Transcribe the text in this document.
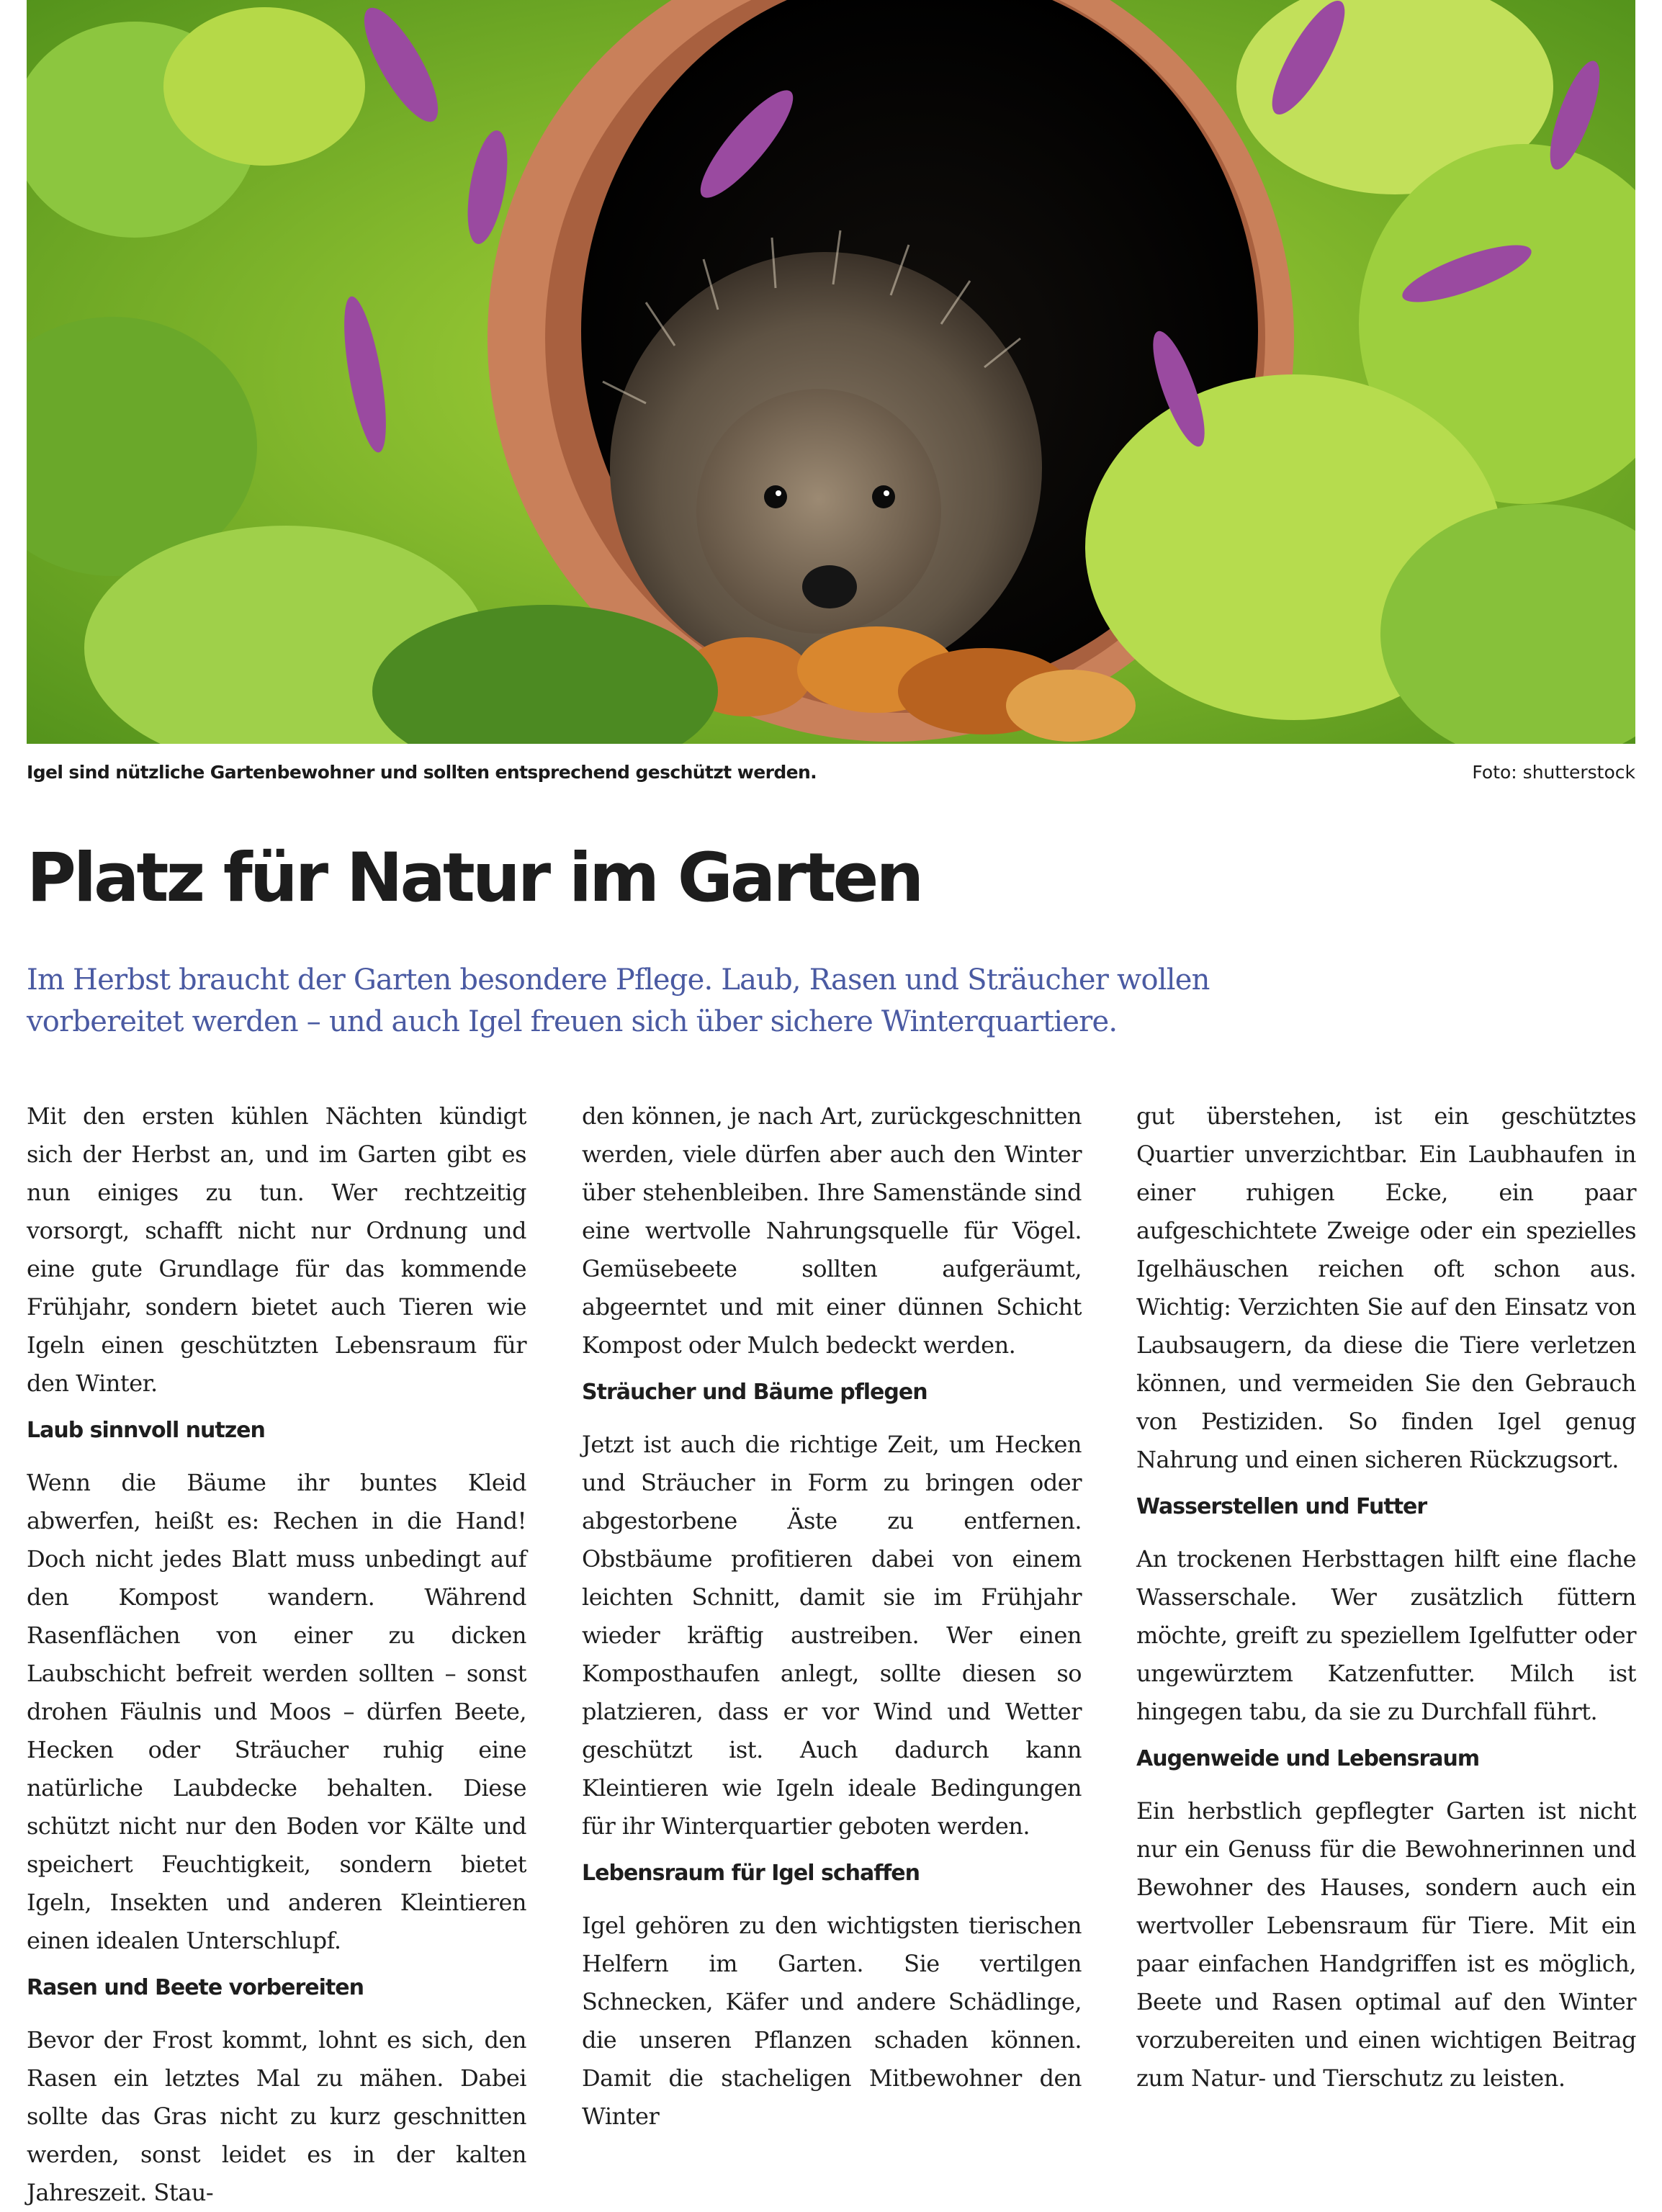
Igel sind nützliche Gartenbewohner und sollten entsprechend geschützt werden.	Foto: shutterstock
Platz für Natur im Garten
Im Herbst braucht der Garten besondere Pflege. Laub, Rasen und Sträucher wollen vorbereitet werden – und auch Igel freuen sich über sichere Winterquartiere.

Mit den ersten kühlen Nächten kündigt sich der Herbst an, und im Garten gibt es nun einiges zu tun. Wer rechtzeitig vorsorgt, schafft nicht nur Ordnung und eine gute Grundlage für das kommende Frühjahr, sondern bietet auch Tieren wie Igeln einen geschützten Lebensraum für den Winter.

Laub sinnvoll nutzen

Wenn die Bäume ihr buntes Kleid abwerfen, heißt es: Rechen in die Hand! Doch nicht jedes Blatt muss unbedingt auf den Kompost wandern. Während Rasenflächen von einer zu dicken Laubschicht befreit werden sollten – sonst drohen Fäulnis und Moos – dürfen Beete, Hecken oder Sträucher ruhig eine natürliche Laubdecke behalten. Diese schützt nicht nur den Boden vor Kälte und speichert Feuchtigkeit, sondern bietet Igeln, Insekten und anderen Kleintieren einen idealen Unterschlupf.

Rasen und Beete vorbereiten

Bevor der Frost kommt, lohnt es sich, den Rasen ein letztes Mal zu mähen. Dabei sollte das Gras nicht zu kurz geschnitten werden, sonst leidet es in der kalten Jahreszeit. Stau-

den können, je nach Art, zurückgeschnitten werden, viele dürfen aber auch den Winter über stehenbleiben. Ihre Samenstände sind eine wertvolle Nahrungsquelle für Vögel. Gemüsebeete sollten aufgeräumt, abgeerntet und mit einer dünnen Schicht Kompost oder Mulch bedeckt werden.

Sträucher und Bäume pflegen

Jetzt ist auch die richtige Zeit, um Hecken und Sträucher in Form zu bringen oder abgestorbene Äste zu entfernen. Obstbäume profitieren dabei von einem leichten Schnitt, damit sie im Frühjahr wieder kräftig austreiben. Wer einen Komposthaufen anlegt, sollte diesen so platzieren, dass er vor Wind und Wetter geschützt ist. Auch dadurch kann Kleintieren wie Igeln ideale Bedingungen für ihr Winterquartier geboten werden.

Lebensraum für Igel schaffen

Igel gehören zu den wichtigsten tierischen Helfern im Garten. Sie vertilgen Schnecken, Käfer und andere Schädlinge, die unseren Pflanzen schaden können. Damit die stacheligen Mitbewohner den Winter

gut überstehen, ist ein geschütztes Quartier unverzichtbar. Ein Laubhaufen in einer ruhigen Ecke, ein paar aufgeschichtete Zweige oder ein spezielles Igelhäuschen reichen oft schon aus. Wichtig: Verzichten Sie auf den Einsatz von Laubsaugern, da diese die Tiere verletzen können, und vermeiden Sie den Gebrauch von Pestiziden. So finden Igel genug Nahrung und einen sicheren Rückzugsort.

Wasserstellen und Futter

An trockenen Herbsttagen hilft eine flache Wasserschale. Wer zusätzlich füttern möchte, greift zu speziellem Igelfutter oder ungewürztem Katzenfutter. Milch ist hingegen tabu, da sie zu Durchfall führt.

Augenweide und Lebensraum

Ein herbstlich gepflegter Garten ist nicht nur ein Genuss für die Bewohnerinnen und Bewohner des Hauses, sondern auch ein wertvoller Lebensraum für Tiere. Mit ein paar einfachen Handgriffen ist es möglich, Beete und Rasen optimal auf den Winter vorzubereiten und einen wichtigen Beitrag zum Natur- und Tierschutz zu leisten.
